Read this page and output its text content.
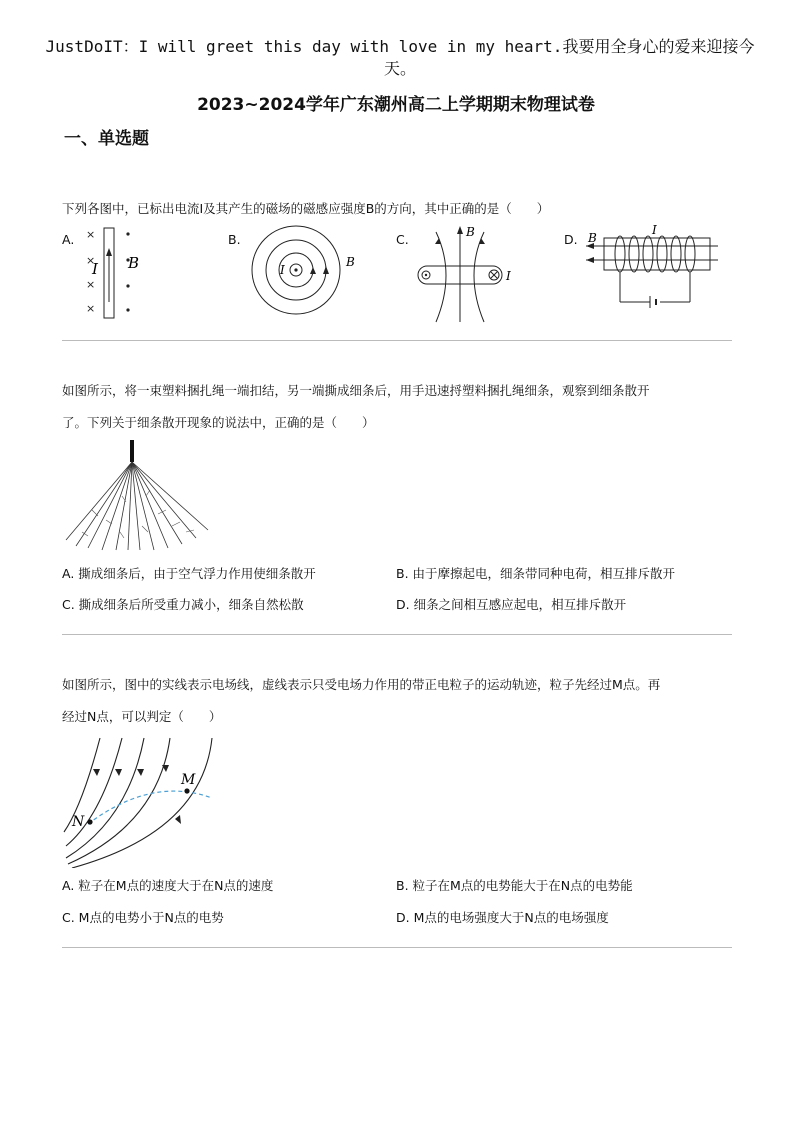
JustDoIT：I will greet this day with love in my heart.我要用全身心的爱来迎接今天。
2023~2024学年广东潮州高二上学期期末物理试卷
一、单选题
下列各图中，已标出电流I及其产生的磁场的磁感应强度B的方向，其中正确的是（　　）
A. ×
×
×
×
I B
B.
I
B
C.	B
I
D.
I
B
如图所示，将一束塑料捆扎绳一端扣结，另一端撕成细条后，用手迅速捋塑料捆扎绳细条，观察到细条散开
了。下列关于细条散开现象的说法中，正确的是（　　）
A. 撕成细条后，由于空气浮力作用使细条散开	B. 由于摩擦起电，细条带同种电荷，相互排斥散开
C. 撕成细条后所受重力减小，细条自然松散	D. 细条之间相互感应起电，相互排斥散开
如图所示，图中的实线表示电场线，虚线表示只受电场力作用的带正电粒子的运动轨迹，粒子先经过M点。再
经过N点，可以判定（　　）
N
M
A. 粒子在M点的速度大于在N点的速度	B. 粒子在M点的电势能大于在N点的电势能
C. M点的电势小于N点的电势	D. M点的电场强度大于N点的电场强度
